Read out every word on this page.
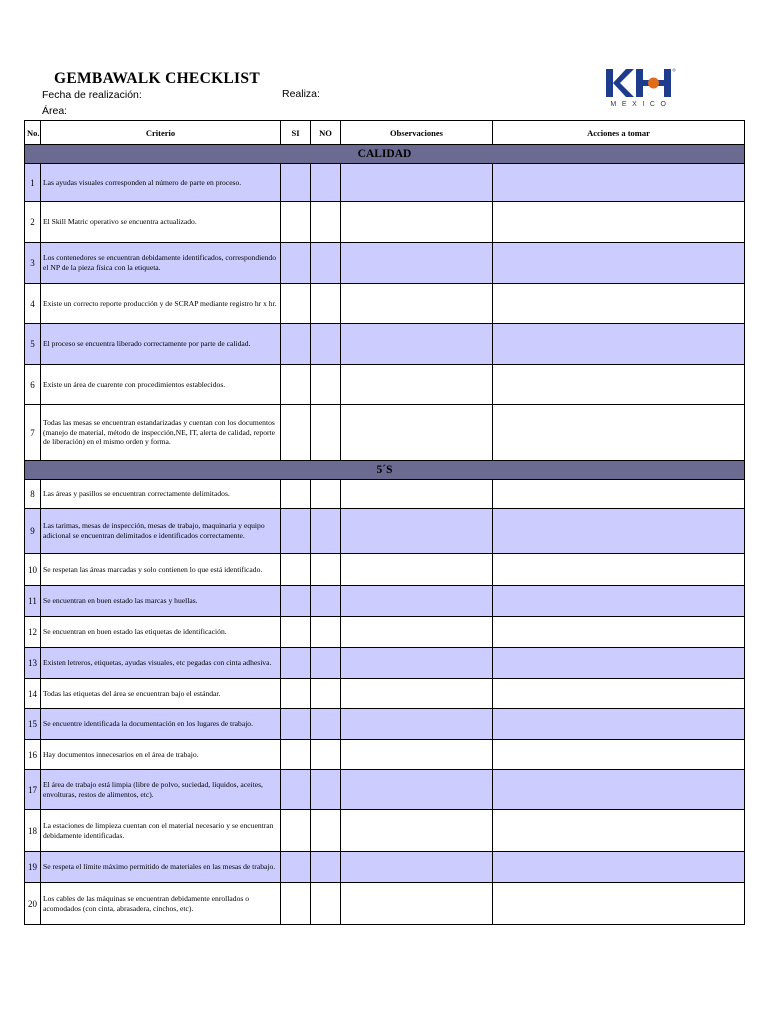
GEMBAWALK CHECKLIST
Fecha de realización:
Área:
Realiza:
MEXICO
No.	Criterio	SI	NO	Observaciones	Acciones a tomar
CALIDAD					
1	Las ayudas visuales corresponden al número de parte en proceso.				
2	El Skill Matric operativo se encuentra actualizado.				
3	Los contenedores se encuentran debidamente identificados, correspondiendo el NP de la pieza física con la etiqueta.				
4	Existe un correcto reporte producción y de SCRAP mediante registro hr x hr.				
5	El proceso se encuentra liberado correctamente por parte de calidad.				
6	Existe un área de cuarente con procedimientos establecidos.				
7	Todas las mesas se encuentran estandarizadas y cuentan con los documentos (manejo de material, método de inspección,NE, IT, alerta de calidad, reporte de liberación) en el mismo orden y forma.				
5´S					
8	Las áreas y pasillos se encuentran correctamente delimitados.				
9	Las tarimas, mesas de inspección, mesas de trabajo, maquinaria y equipo adicional se encuentran delimitados e identificados correctamente.				
10	Se respetan las áreas marcadas y solo contienen lo que está identificado.				
11	Se encuentran en buen estado las marcas y huellas.				
12	Se encuentran en buen estado las etiquetas de identificación.				
13	Existen letreros, etiquetas, ayudas visuales, etc pegadas con cinta adhesiva.				
14	Todas las etiquetas del área se encuentran bajo el estándar.				
15	Se encuentre identificada la documentación en los lugares de trabajo.				
16	Hay documentos innecesarios en el área de trabajo.				
17	El área de trabajo está limpia (libre de polvo, suciedad, líquidos, aceites, envolturas, restos de alimentos, etc).				
18	La estaciones de limpieza cuentan con el material necesario y se encuentran debidamente identificadas.				
19	Se respeta el límite máximo permitido de materiales en las mesas de trabajo.				
20	Los cables de las máquinas se encuentran debidamente enrollados o acomodados (con cinta, abrasadera, cinchos, etc).				
